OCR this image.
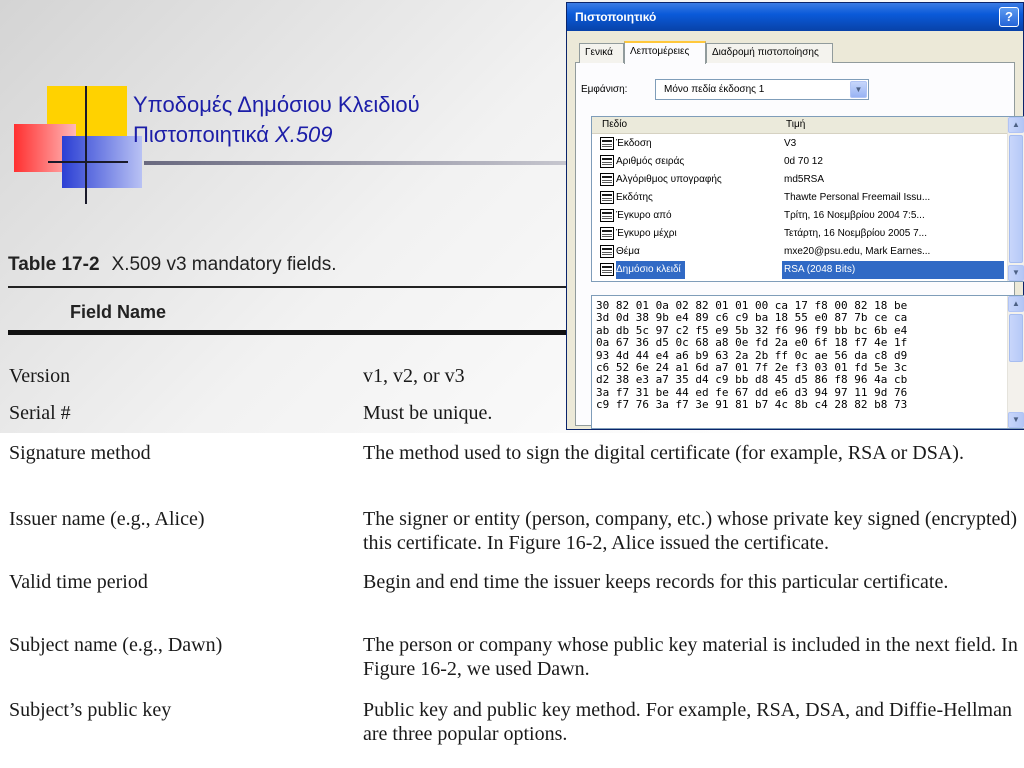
Υποδομές Δημόσιου Κλειδιού
Πιστοποιητικά X.509
Table 17-2 X.509 v3 mandatory fields.
Field Name
Version	v1, v2, or v3
Serial #	Must be unique.
Signature method	The method used to sign the digital certificate (for example, RSA or DSA).
Issuer name (e.g., Alice)	The signer or entity (person, company, etc.) whose private key signed (encrypted) this certificate. In Figure 16-2, Alice issued the certificate.
Valid time period	Begin and end time the issuer keeps records for this particular certificate.
Subject name (e.g., Dawn)	The person or company whose public key material is included in the next field. In Figure 16-2, we used Dawn.
Subject’s public key	Public key and public key method. For example, RSA, DSA, and Diffie-Hellman are three popular options.
Πιστοποιητικό	?
Γενικά	Λεπτομέρειες	Διαδρομή πιστοποίησης
Εμφάνιση:	Μόνο πεδία έκδοσης 1	▼
Πεδίο	Τιμή
Έκδοση	V3
Αριθμός σειράς	0d 70 12
Αλγόριθμος υπογραφής	md5RSA
Εκδότης	Thawte Personal Freemail Issu...
Έγκυρο από	Τρίτη, 16 Νοεμβρίου 2004 7:5...
Έγκυρο μέχρι	Τετάρτη, 16 Νοεμβρίου 2005 7...
Θέμα	mxe20@psu.edu, Mark Earnes...
Δημόσιο κλειδί	RSA (2048 Bits)
▲
▼
30 82 01 0a 02 82 01 01 00 ca 17 f8 00 82 18 be
3d 0d 38 9b e4 89 c6 c9 ba 18 55 e0 87 7b ce ca
ab db 5c 97 c2 f5 e9 5b 32 f6 96 f9 bb bc 6b e4
0a 67 36 d5 0c 68 a8 0e fd 2a e0 6f 18 f7 4e 1f
93 4d 44 e4 a6 b9 63 2a 2b ff 0c ae 56 da c8 d9
c6 52 6e 24 a1 6d a7 01 7f 2e f3 03 01 fd 5e 3c
d2 38 e3 a7 35 d4 c9 bb d8 45 d5 86 f8 96 4a cb
3a f7 31 be 44 ed fe 67 dd e6 d3 94 97 11 9d 76
c9 f7 76 3a f7 3e 91 81 b7 4c 8b c4 28 82 b8 73
▲
▼
